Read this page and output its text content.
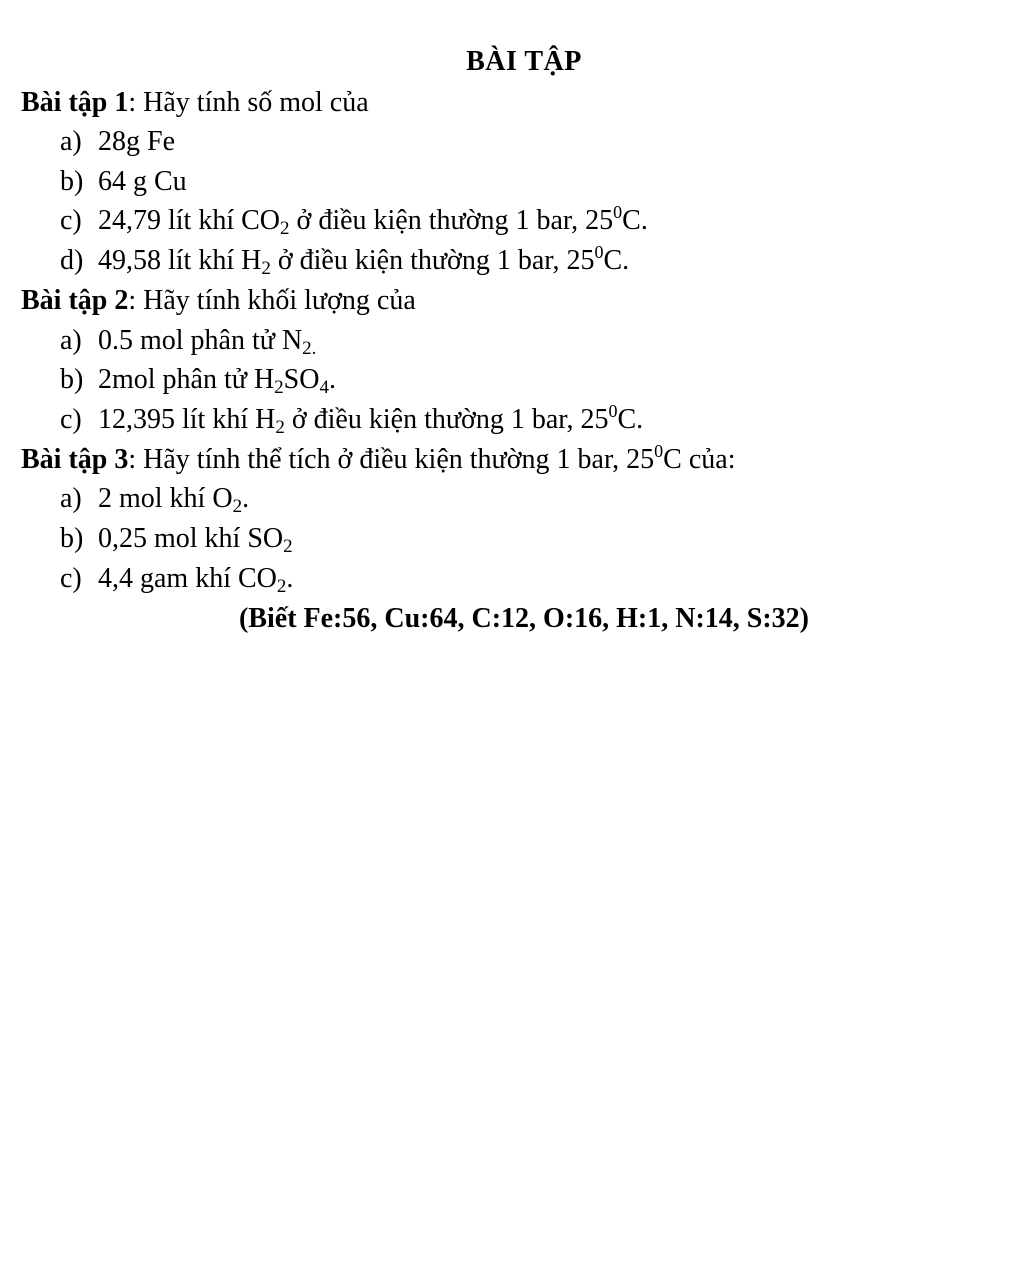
BÀI TẬP
Bài tập 1: Hãy tính số mol của
a) 28g Fe
b) 64 g Cu
c) 24,79 lít khí $CO_2$ ở điều kiện thường 1 bar, $25^0C$.
d) 49,58 lít khí $H_2$ ở điều kiện thường 1 bar, $25^0C$.
Bài tập 2: Hãy tính khối lượng của
a) 0.5 mol phân tử $N_{2.}$
b) 2mol phân tử $H_2SO_4$.
c) 12,395 lít khí $H_2$ ở điều kiện thường 1 bar, $25^0C$.
Bài tập 3: Hãy tính thể tích ở điều kiện thường 1 bar, $25^0C$ của:
a) 2 mol khí $O_2$.
b) 0,25 mol khí $SO_2$
c) 4,4 gam khí $CO_2$.
(Biết Fe:56, Cu:64, C:12, O:16, H:1, N:14, S:32)
